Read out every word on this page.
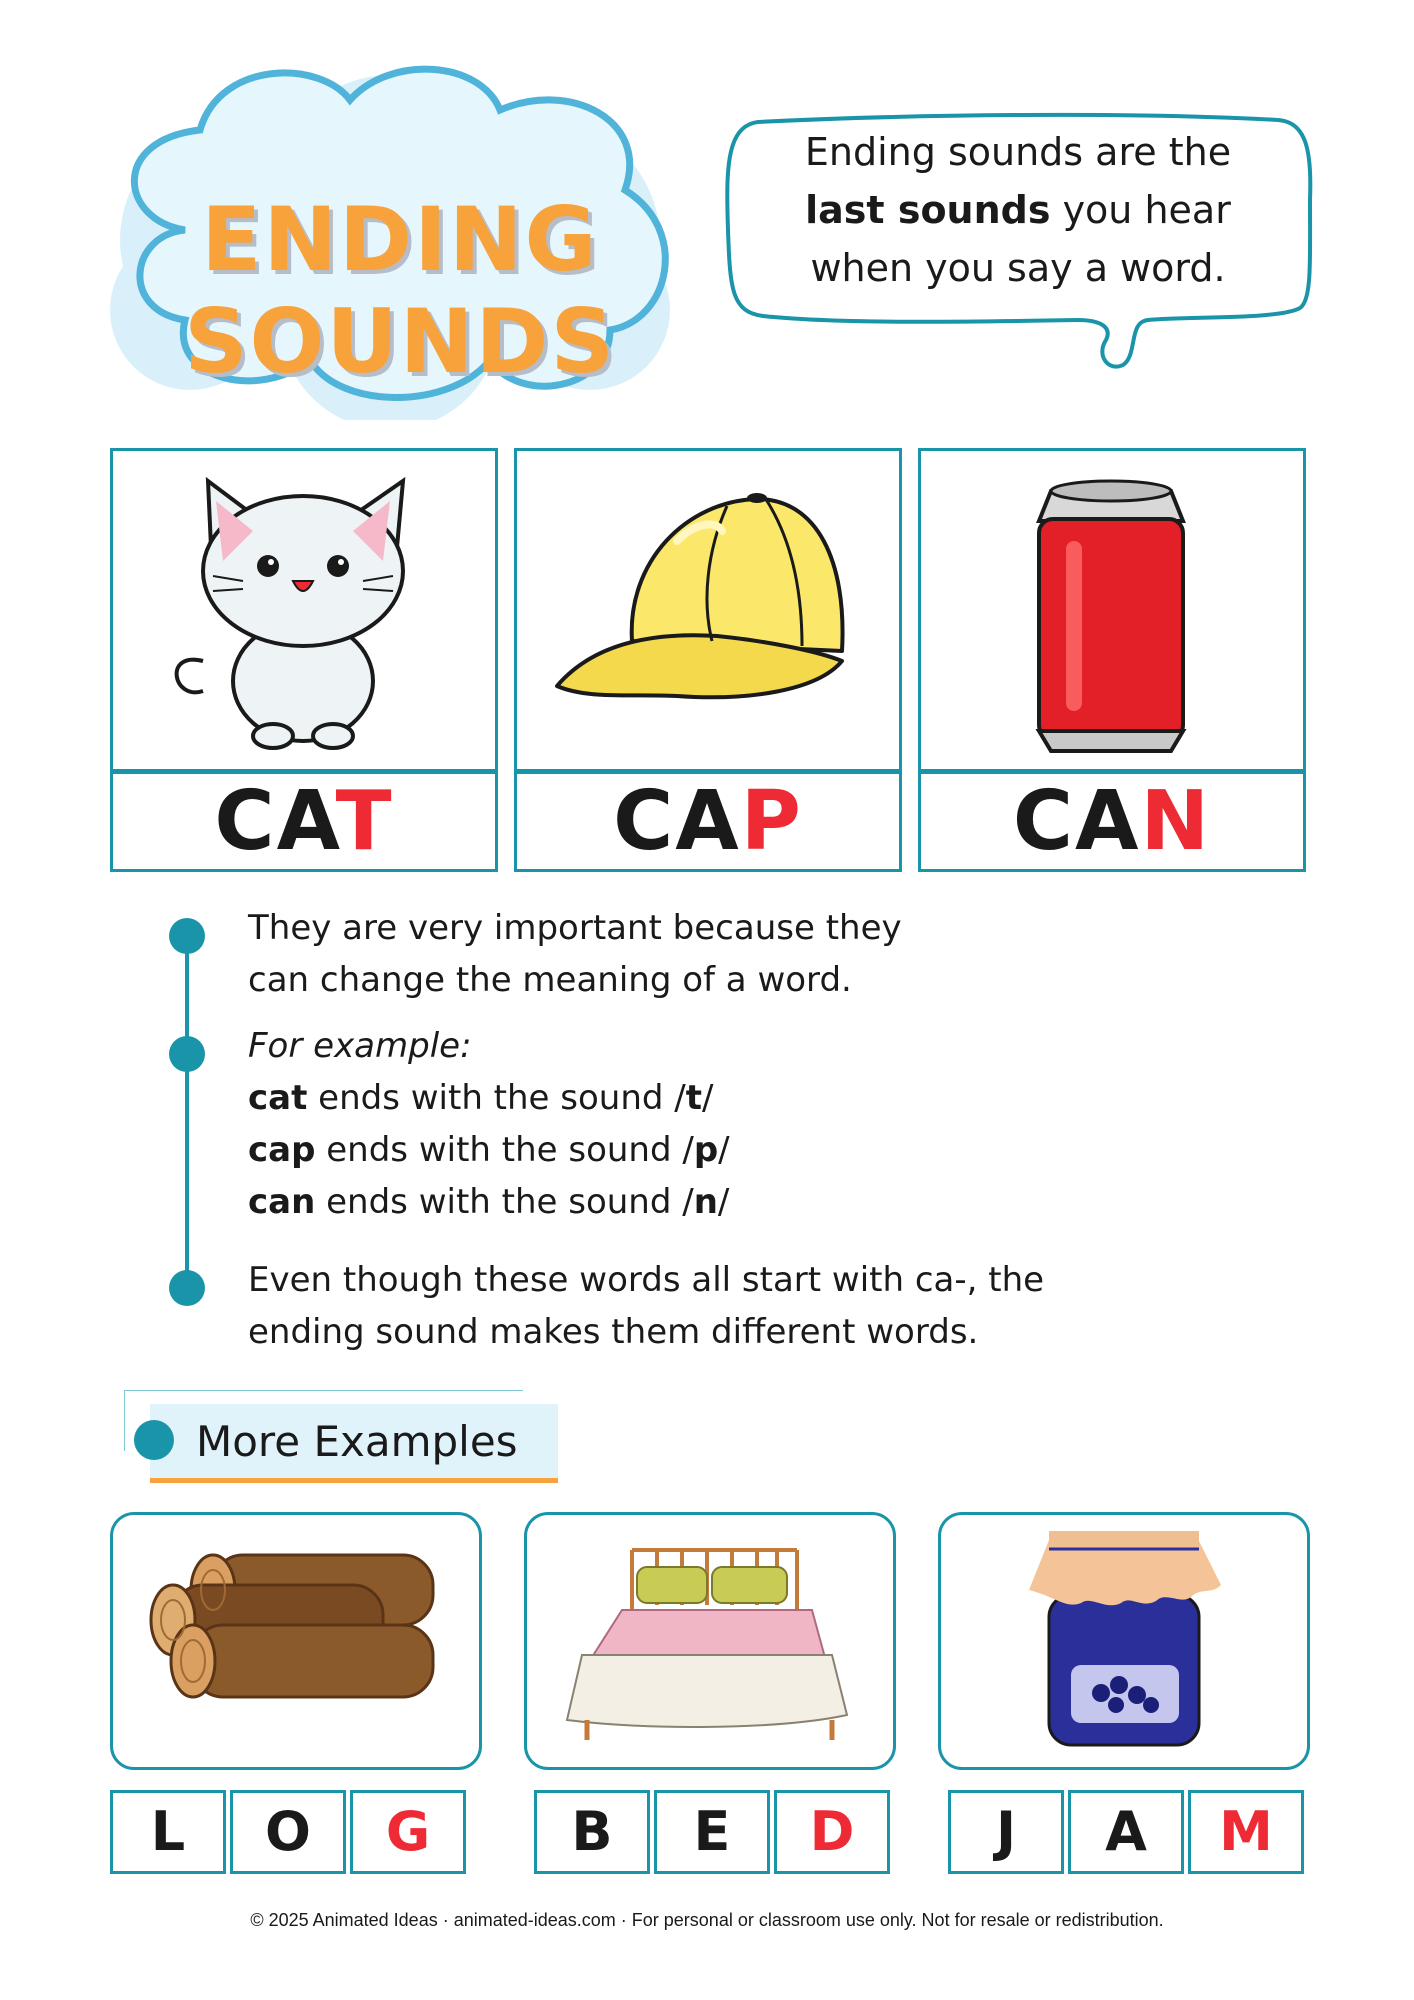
ENDING
SOUNDS
Ending sounds are the
last sounds you hear
when you say a word.
CAT	CAP	CAN
They are very important because they
can change the meaning of a word.
For example:
cat ends with the sound /t/
cap ends with the sound /p/
can ends with the sound /n/
Even though these words all start with ca-, the
ending sound makes them different words.
More Examples
L	O	G	B	E	D	J	A	M
© 2025 Animated Ideas · animated-ideas.com · For personal or classroom use only. Not for resale or redistribution.
